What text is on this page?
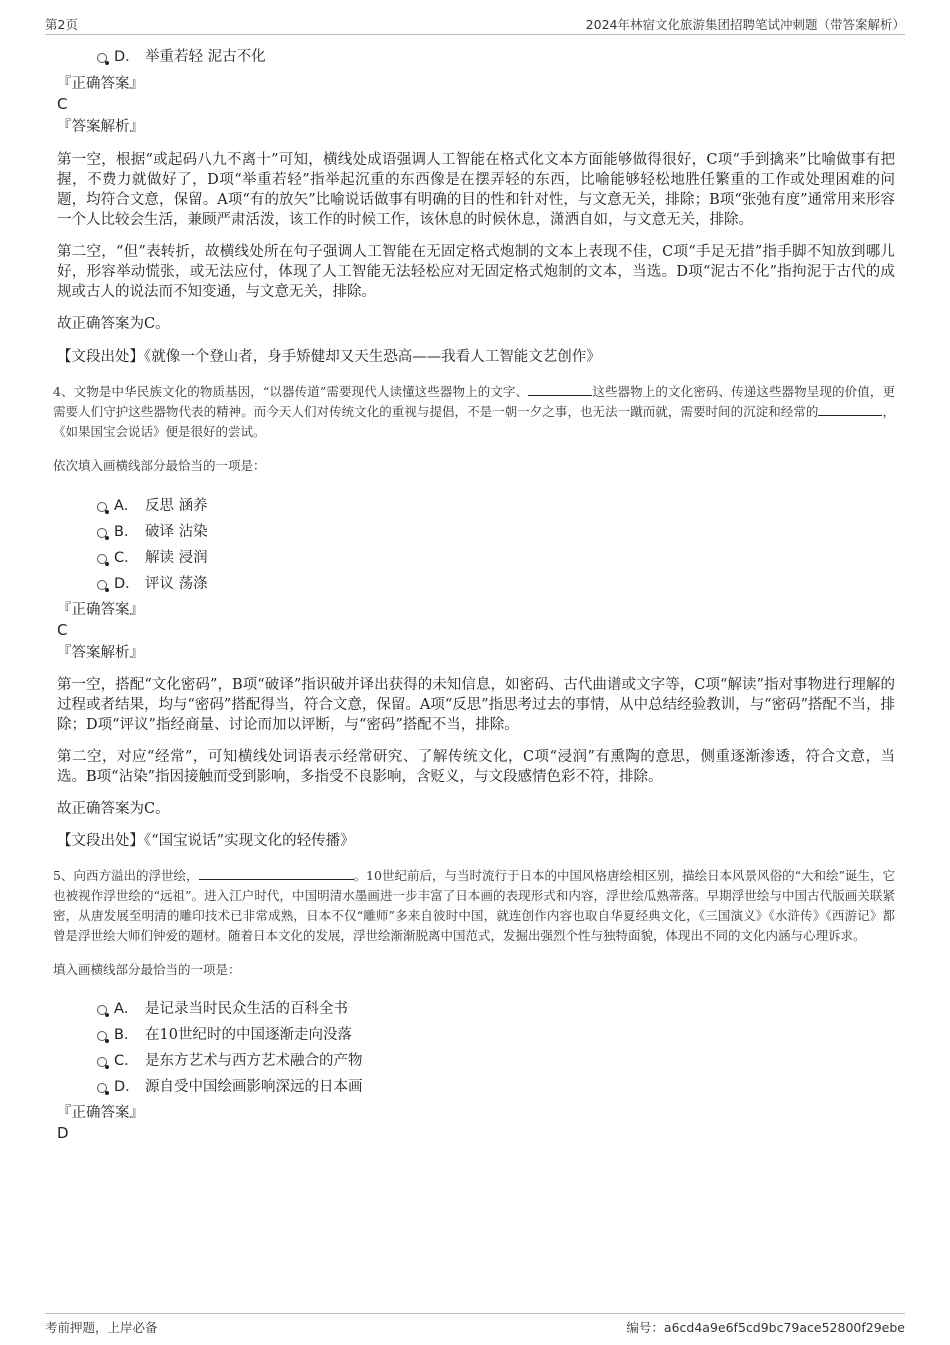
第2页	2024年林宿文化旅游集团招聘笔试冲刺题（带答案解析）
D． 举重若轻 泥古不化
『正确答案』
C
『答案解析』

第一空，根据“或起码八九不离十”可知，横线处成语强调人工智能在格式化文本方面能够做得很好，C项“手到擒来”比喻做事有把握，不费力就做好了，D项“举重若轻”指举起沉重的东西像是在摆弄轻的东西，比喻能够轻松地胜任繁重的工作或处理困难的问题，均符合文意，保留。A项“有的放矢”比喻说话做事有明确的目的性和针对性，与文意无关，排除；B项“张弛有度”通常用来形容一个人比较会生活，兼顾严肃活泼，该工作的时候工作，该休息的时候休息，潇洒自如，与文意无关，排除。

第二空，“但”表转折，故横线处所在句子强调人工智能在无固定格式炮制的文本上表现不佳，C项“手足无措”指手脚不知放到哪儿好，形容举动慌张，或无法应付，体现了人工智能无法轻松应对无固定格式炮制的文本，当选。D项“泥古不化”指拘泥于古代的成规或古人的说法而不知变通，与文意无关，排除。

故正确答案为C。

【文段出处】《就像一个登山者，身手矫健却又天生恐高——我看人工智能文艺创作》

4、文物是中华民族文化的物质基因，“以器传道”需要现代人读懂这些器物上的文字、	这些器物上的文化密码、传递这些器物呈现的价值，更需要人们守护这些器物代表的精神。而今天人们对传统文化的重视与提倡，不是一朝一夕之事，也无法一蹴而就，需要时间的沉淀和经常的	，《如果国宝会说话》便是很好的尝试。
依次填入画横线部分最恰当的一项是：
A． 反思 涵养
B． 破译 沾染
C． 解读 浸润
D． 评议 荡涤
『正确答案』
C
『答案解析』

第一空，搭配“文化密码”，B项“破译”指识破并译出获得的未知信息，如密码、古代曲谱或文字等，C项“解读”指对事物进行理解的过程或者结果，均与“密码”搭配得当，符合文意，保留。A项“反思”指思考过去的事情，从中总结经验教训，与“密码”搭配不当，排除；D项“评议”指经商量、讨论而加以评断，与“密码”搭配不当，排除。

第二空，对应“经常”，可知横线处词语表示经常研究、了解传统文化，C项“浸润”有熏陶的意思，侧重逐渐渗透，符合文意，当选。B项“沾染”指因接触而受到影响，多指受不良影响，含贬义，与文段感情色彩不符，排除。

故正确答案为C。

【文段出处】《“国宝说话”实现文化的轻传播》

5、向西方溢出的浮世绘，	。10世纪前后，与当时流行于日本的中国风格唐绘相区别，描绘日本风景风俗的“大和绘”诞生，它也被视作浮世绘的“远祖”。进入江户时代，中国明清水墨画进一步丰富了日本画的表现形式和内容，浮世绘瓜熟蒂落。早期浮世绘与中国古代版画关联紧密，从唐发展至明清的雕印技术已非常成熟，日本不仅“雕师”多来自彼时中国，就连创作内容也取自华夏经典文化，《三国演义》《水浒传》《西游记》都曾是浮世绘大师们钟爱的题材。随着日本文化的发展，浮世绘渐渐脱离中国范式，发掘出强烈个性与独特面貌，体现出不同的文化内涵与心理诉求。
填入画横线部分最恰当的一项是：
A． 是记录当时民众生活的百科全书
B． 在10世纪时的中国逐渐走向没落
C． 是东方艺术与西方艺术融合的产物
D． 源自受中国绘画影响深远的日本画
『正确答案』
D
考前押题，上岸必备	编号：a6cd4a9e6f5cd9bc79ace52800f29ebe
